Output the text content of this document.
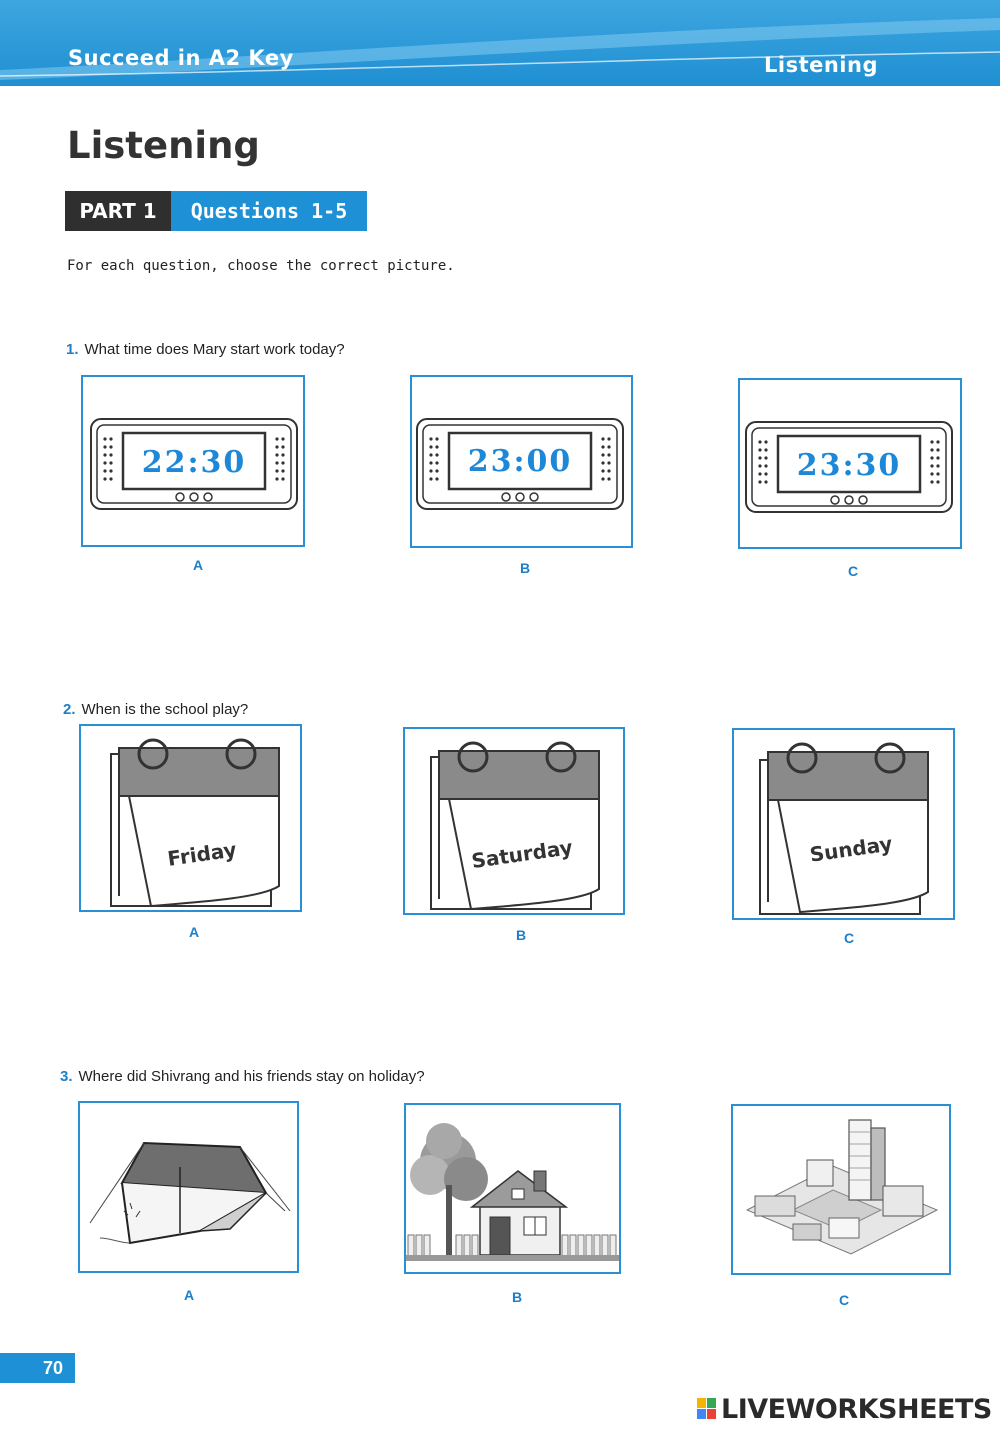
Succeed in A2 Key	Listening
Listening
PART 1	Questions 1-5
For each question, choose the correct picture.
1. What time does Mary start work today?
22:30
A
23:00
B
23:30
C
2. When is the school play?
Friday
A
Saturday
B
Sunday
C
3. Where did Shivrang and his friends stay on holiday?
A	B	C
70
LIVEWORKSHEETS
